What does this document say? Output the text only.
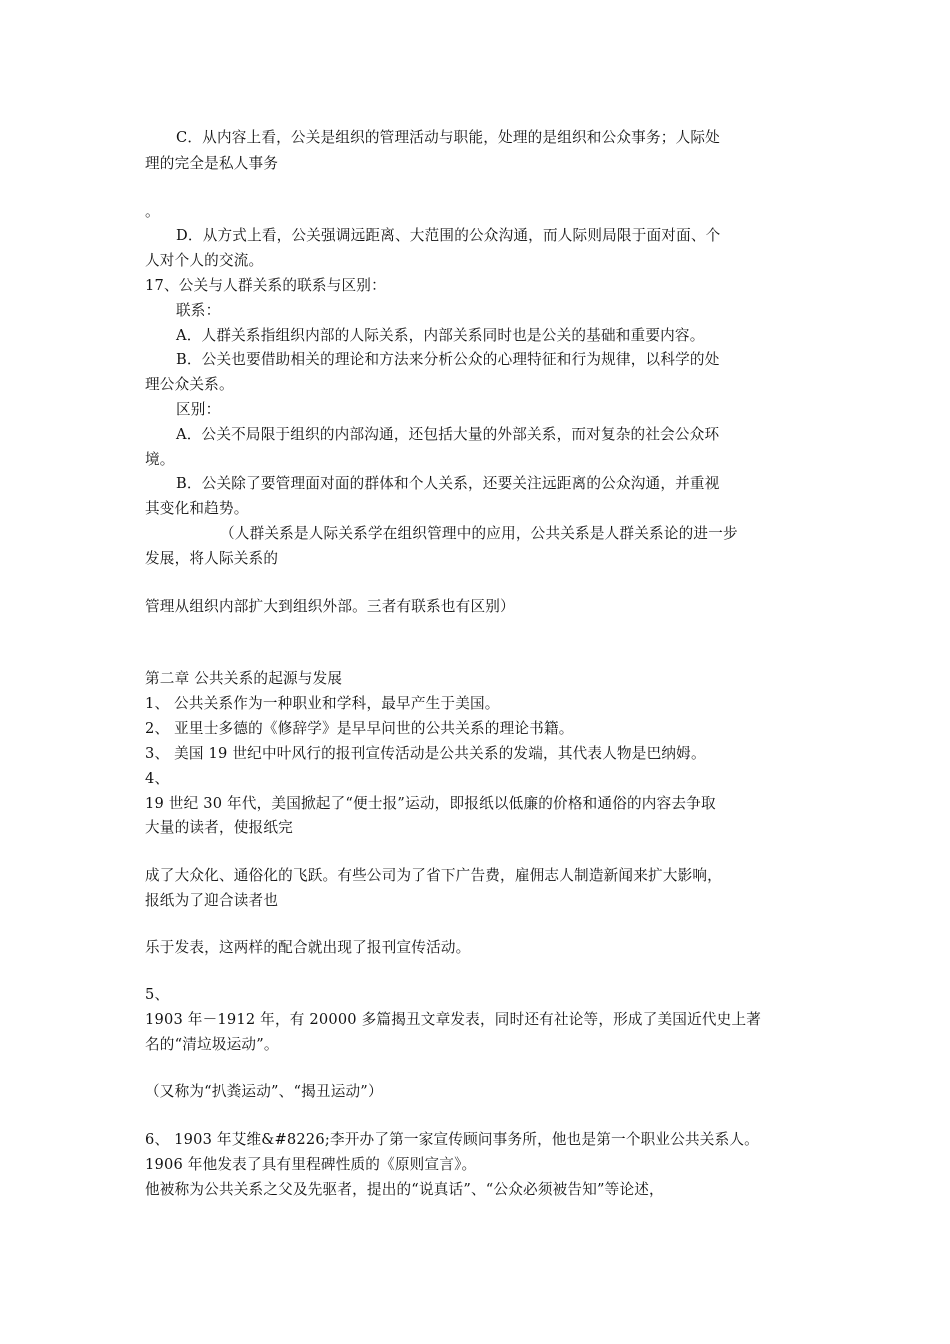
C．从内容上看，公关是组织的管理活动与职能，处理的是组织和公众事务；人际处
理的完全是私人事务
。
D．从方式上看，公关强调远距离、大范围的公众沟通，而人际则局限于面对面、个
人对个人的交流。
17、公关与人群关系的联系与区别：
联系：
A．人群关系指组织内部的人际关系，内部关系同时也是公关的基础和重要内容。
B．公关也要借助相关的理论和方法来分析公众的心理特征和行为规律，以科学的处
理公众关系。
区别：
A．公关不局限于组织的内部沟通，还包括大量的外部关系，而对复杂的社会公众环
境。
B．公关除了要管理面对面的群体和个人关系，还要关注远距离的公众沟通，并重视
其变化和趋势。
（人群关系是人际关系学在组织管理中的应用，公共关系是人群关系论的进一步
发展，将人际关系的
管理从组织内部扩大到组织外部。三者有联系也有区别）
第二章 公共关系的起源与发展
1、 公共关系作为一种职业和学科，最早产生于美国。
2、 亚里士多德的《修辞学》是早早问世的公共关系的理论书籍。
3、 美国 19 世纪中叶风行的报刊宣传活动是公共关系的发端，其代表人物是巴纳姆。
4、
19 世纪 30 年代，美国掀起了“便士报”运动，即报纸以低廉的价格和通俗的内容去争取
大量的读者，使报纸完
成了大众化、通俗化的飞跃。有些公司为了省下广告费，雇佣志人制造新闻来扩大影响，
报纸为了迎合读者也
乐于发表，这两样的配合就出现了报刊宣传活动。
5、
1903 年－1912 年，有 20000 多篇揭丑文章发表，同时还有社论等，形成了美国近代史上著
名的“清垃圾运动”。
（又称为“扒粪运动”、“揭丑运动”）
6、 1903 年艾维&#8226;李开办了第一家宣传顾问事务所，他也是第一个职业公共关系人。
1906 年他发表了具有里程碑性质的《原则宣言》。
他被称为公共关系之父及先驱者，提出的“说真话”、“公众必须被告知”等论述，
